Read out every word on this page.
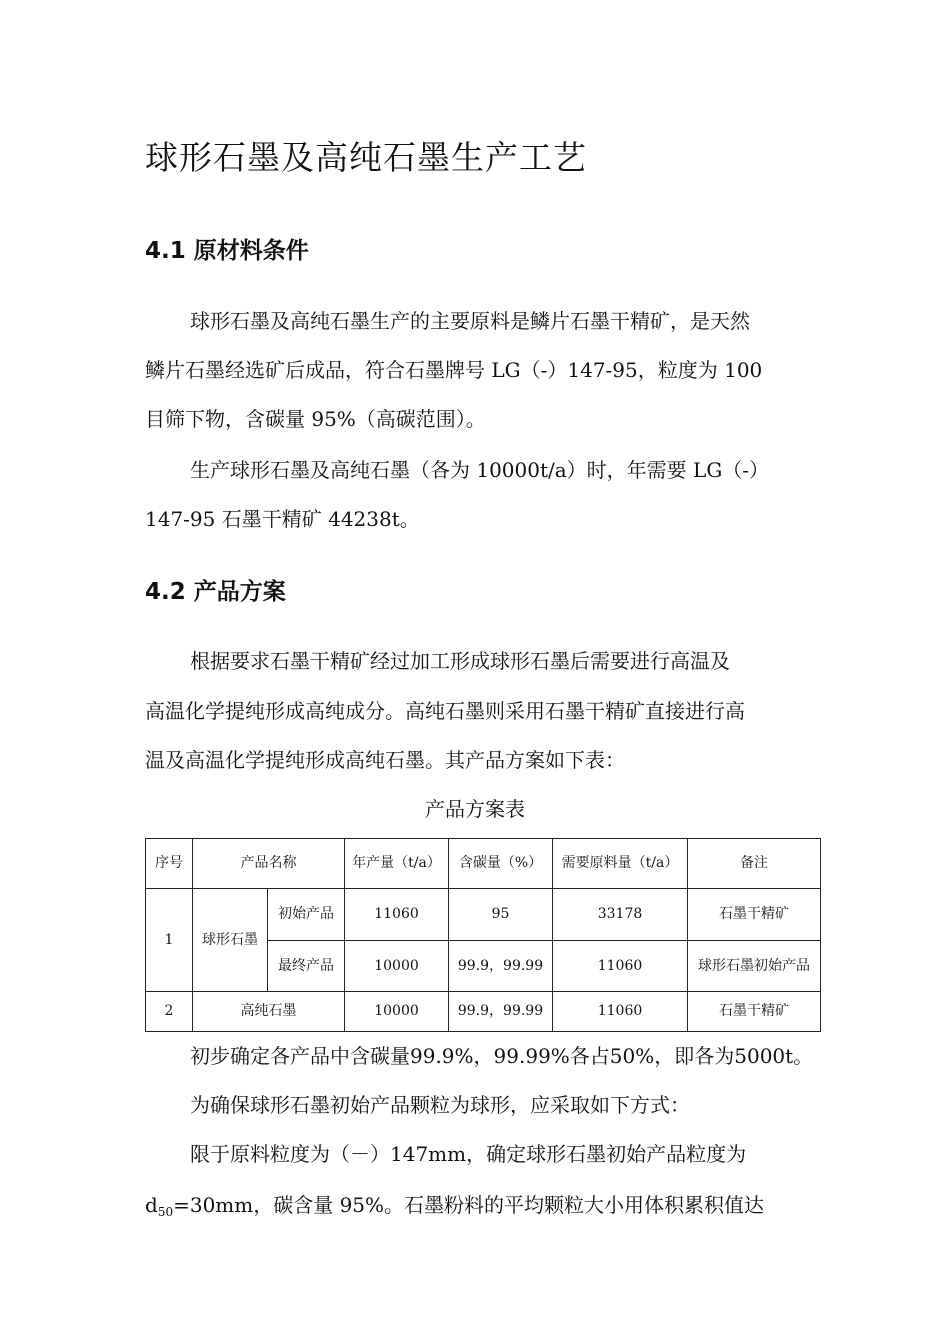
球形石墨及高纯石墨生产工艺
4.1 原材料条件

球形石墨及高纯石墨生产的主要原料是鳞片石墨干精矿，是天然

鳞片石墨经选矿后成品，符合石墨牌号 LG（-）147-95，粒度为 100

目筛下物，含碳量 95%（高碳范围）。

生产球形石墨及高纯石墨（各为 10000t/a）时，年需要 LG（-）

147-95 石墨干精矿 44238t。

4.2 产品方案

根据要求石墨干精矿经过加工形成球形石墨后需要进行高温及

高温化学提纯形成高纯成分。高纯石墨则采用石墨干精矿直接进行高

温及高温化学提纯形成高纯石墨。其产品方案如下表：

产品方案表
序号	产品名称		年产量（t/a）	含碳量（%）	需要原料量（t/a）	备注
1	球形石墨	初始产品	11060	95	33178	石墨干精矿
		最终产品	10000	99.9，99.99	11060	球形石墨初始产品
2	高纯石墨		10000	99.9，99.99	11060	石墨干精矿

初步确定各产品中含碳量99.9%，99.99%各占50%，即各为5000t。

为确保球形石墨初始产品颗粒为球形，应采取如下方式：

限于原料粒度为（－）147mm，确定球形石墨初始产品粒度为

$d_{50}=30mm$，碳含量 95%。石墨粉料的平均颗粒大小用体积累积值达
